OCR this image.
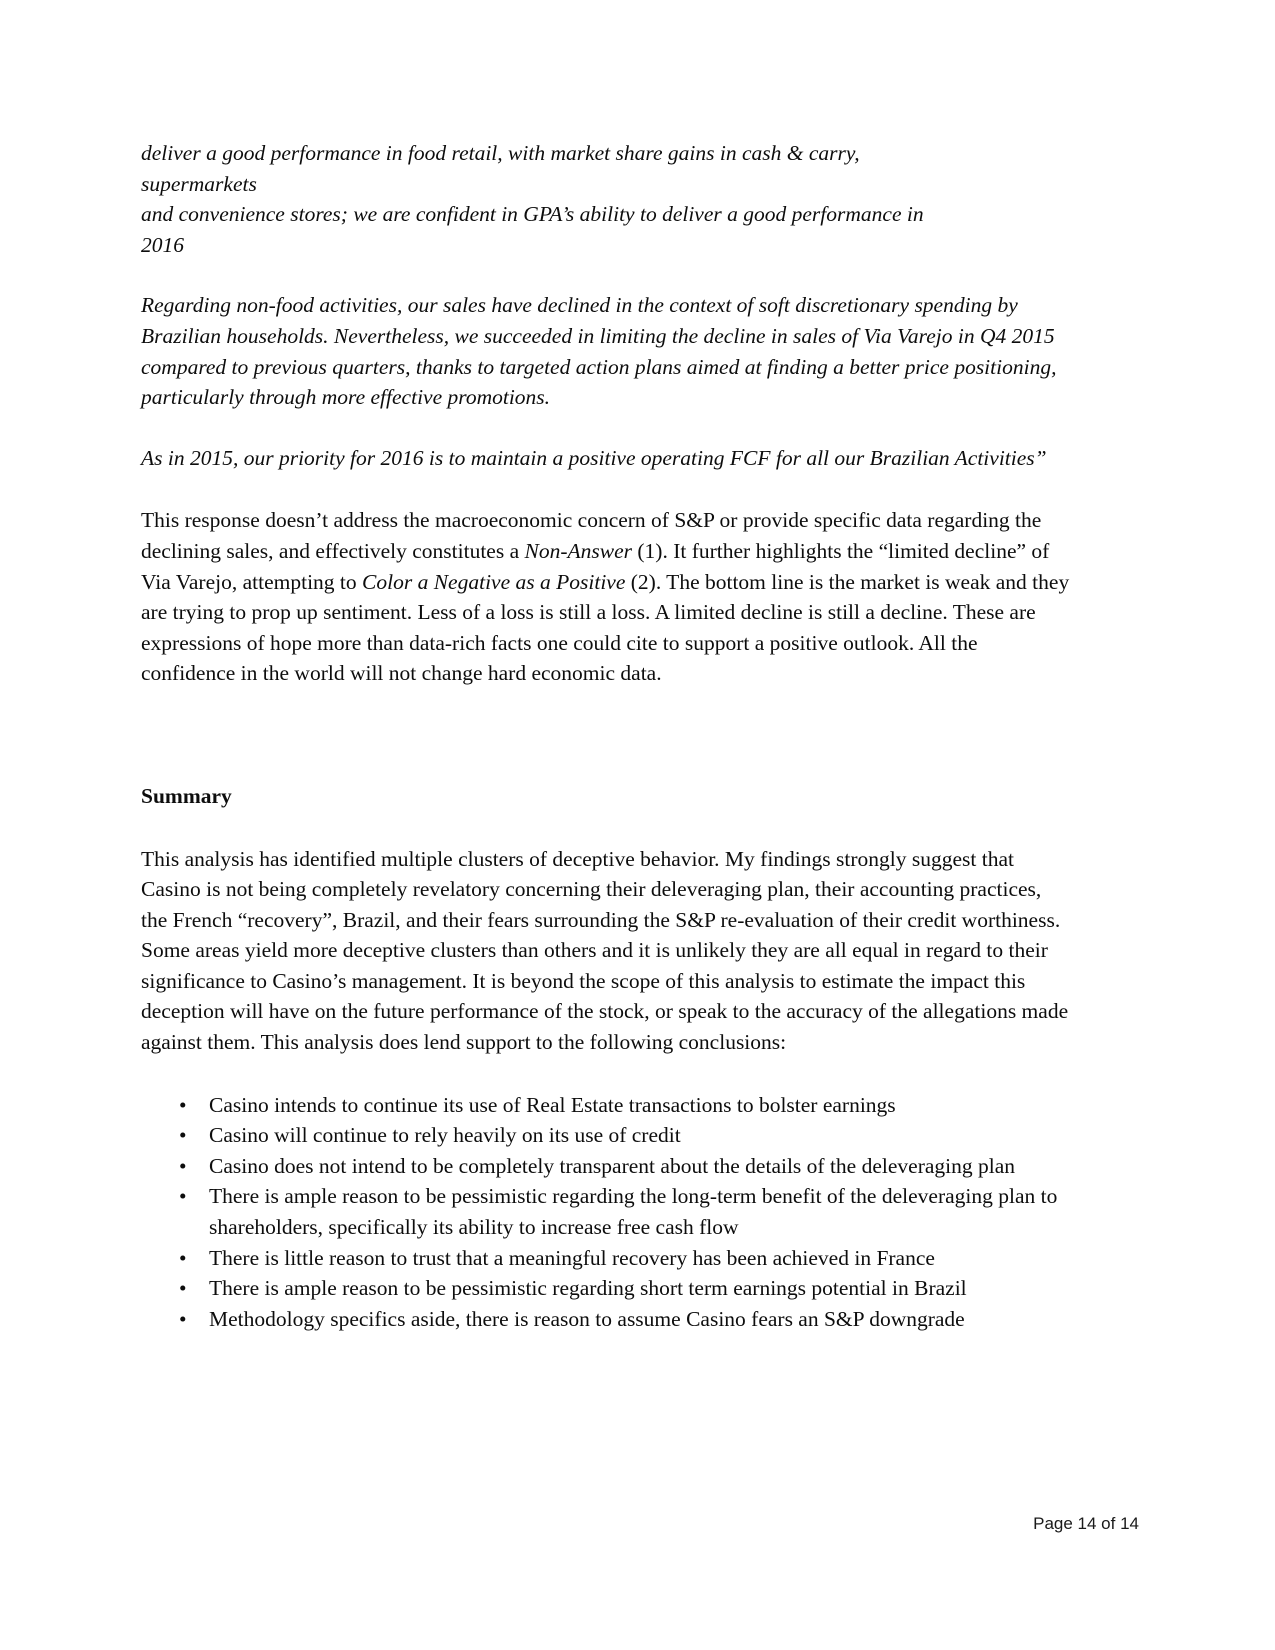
deliver a good performance in food retail, with market share gains in cash & carry,

supermarkets

and convenience stores; we are confident in GPA’s ability to deliver a good performance in

2016

Regarding non-food activities, our sales have declined in the context of soft discretionary spending by Brazilian households. Nevertheless, we succeeded in limiting the decline in sales of Via Varejo in Q4 2015 compared to previous quarters, thanks to targeted action plans aimed at finding a better price positioning, particularly through more effective promotions.

As in 2015, our priority for 2016 is to maintain a positive operating FCF for all our Brazilian Activities”

This response doesn’t address the macroeconomic concern of S&P or provide specific data regarding the declining sales, and effectively constitutes a Non-Answer (1). It further highlights the “limited decline” of Via Varejo, attempting to Color a Negative as a Positive (2). The bottom line is the market is weak and they are trying to prop up sentiment. Less of a loss is still a loss. A limited decline is still a decline. These are expressions of hope more than data-rich facts one could cite to support a positive outlook. All the confidence in the world will not change hard economic data.

Summary

This analysis has identified multiple clusters of deceptive behavior. My findings strongly suggest that Casino is not being completely revelatory concerning their deleveraging plan, their accounting practices, the French “recovery”, Brazil, and their fears surrounding the S&P re-evaluation of their credit worthiness. Some areas yield more deceptive clusters than others and it is unlikely they are all equal in regard to their significance to Casino’s management. It is beyond the scope of this analysis to estimate the impact this deception will have on the future performance of the stock, or speak to the accuracy of the allegations made against them. This analysis does lend support to the following conclusions:

• Casino intends to continue its use of Real Estate transactions to bolster earnings
• Casino will continue to rely heavily on its use of credit
• Casino does not intend to be completely transparent about the details of the deleveraging plan
• There is ample reason to be pessimistic regarding the long-term benefit of the deleveraging plan to shareholders, specifically its ability to increase free cash flow
• There is little reason to trust that a meaningful recovery has been achieved in France
• There is ample reason to be pessimistic regarding short term earnings potential in Brazil
• Methodology specifics aside, there is reason to assume Casino fears an S&P downgrade
Page 14 of 14
